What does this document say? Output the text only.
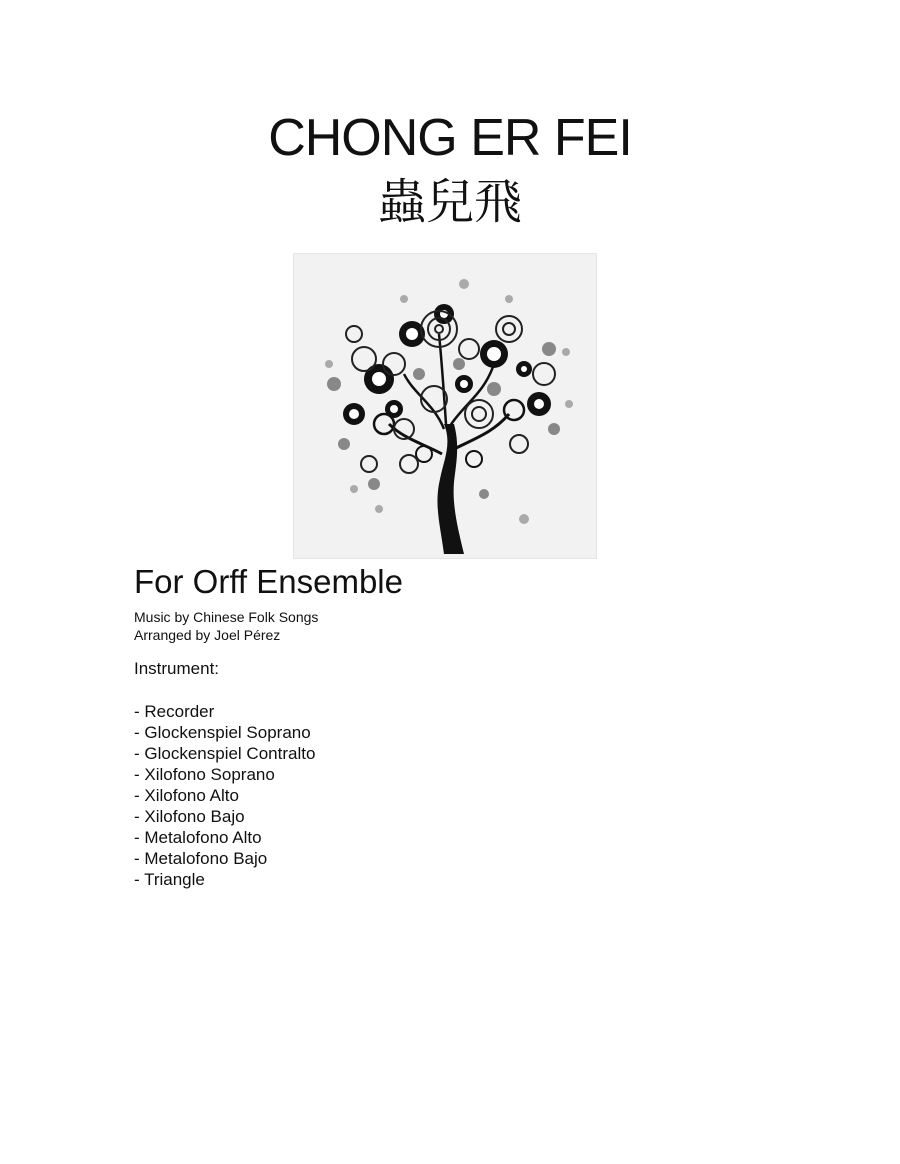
CHONG ER FEI
蟲兒飛
For Orff Ensemble
Music by Chinese Folk Songs
Arranged by Joel Pérez
Instrument:
- Recorder
- Glockenspiel Soprano
- Glockenspiel Contralto
- Xilofono Soprano
- Xilofono Alto
- Xilofono Bajo
- Metalofono Alto
- Metalofono Bajo
- Triangle
